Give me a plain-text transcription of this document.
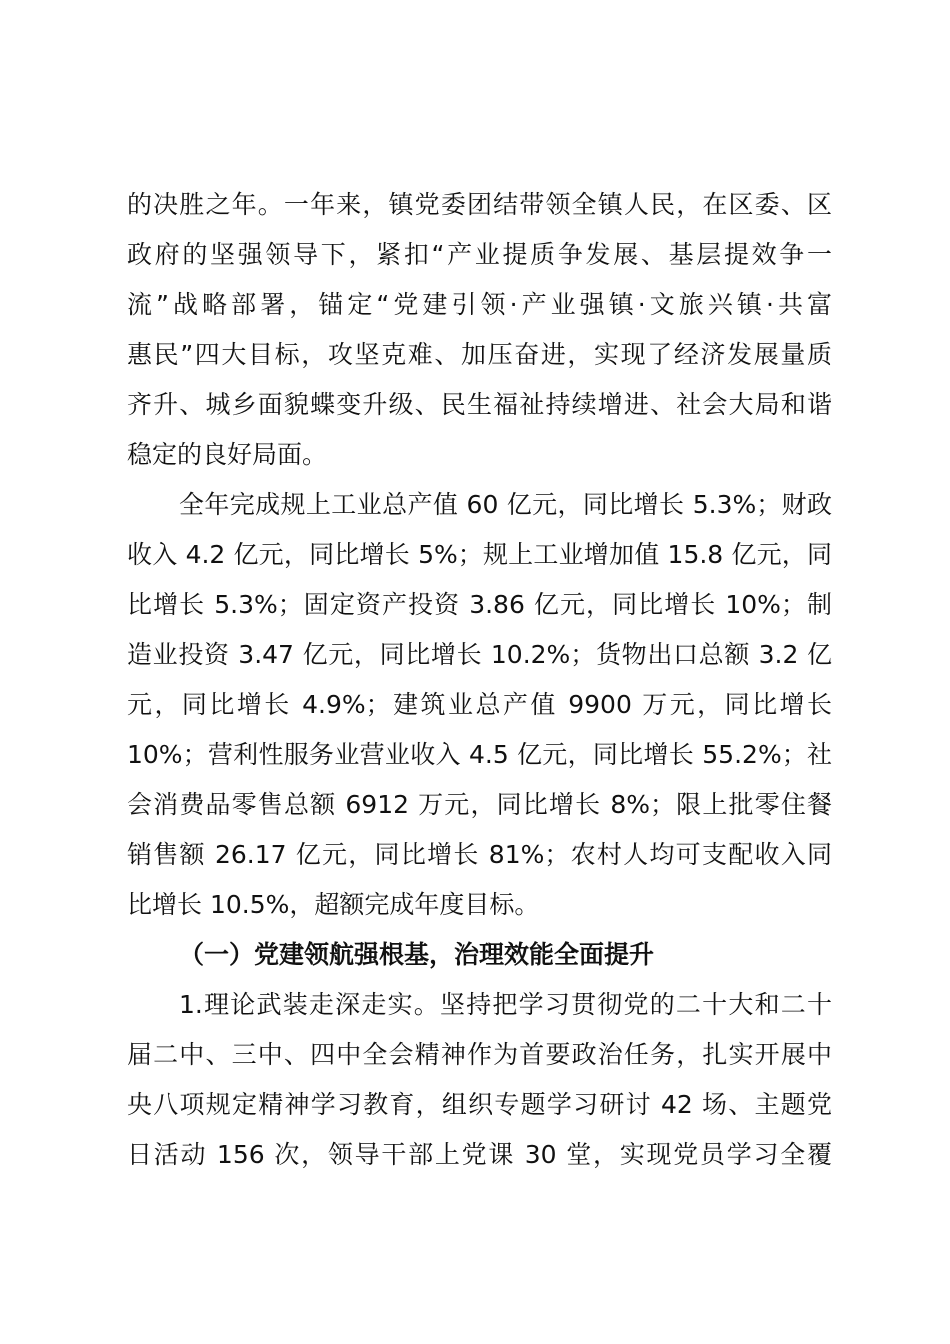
的决胜之年。一年来，镇党委团结带领全镇人民，在区委、区
政府的坚强领导下，紧扣“产业提质争发展、基层提效争一
流”战略部署，锚定“党建引领·产业强镇·文旅兴镇·共富
惠民”四大目标，攻坚克难、加压奋进，实现了经济发展量质
齐升、城乡面貌蝶变升级、民生福祉持续增进、社会大局和谐
稳定的良好局面。
全年完成规上工业总产值 60 亿元，同比增长 5.3%；财政
收入 4.2 亿元，同比增长 5%；规上工业增加值 15.8 亿元，同
比增长 5.3%；固定资产投资 3.86 亿元，同比增长 10%；制
造业投资 3.47 亿元，同比增长 10.2%；货物出口总额 3.2 亿
元，同比增长 4.9%；建筑业总产值 9900 万元，同比增长
10%；营利性服务业营业收入 4.5 亿元，同比增长 55.2%；社
会消费品零售总额 6912 万元，同比增长 8%；限上批零住餐
销售额 26.17 亿元，同比增长 81%；农村人均可支配收入同
比增长 10.5%，超额完成年度目标。
（一）党建领航强根基，治理效能全面提升
1.理论武装走深走实。坚持把学习贯彻党的二十大和二十
届二中、三中、四中全会精神作为首要政治任务，扎实开展中
央八项规定精神学习教育，组织专题学习研讨 42 场、主题党
日活动 156 次，领导干部上党课 30 堂，实现党员学习全覆
